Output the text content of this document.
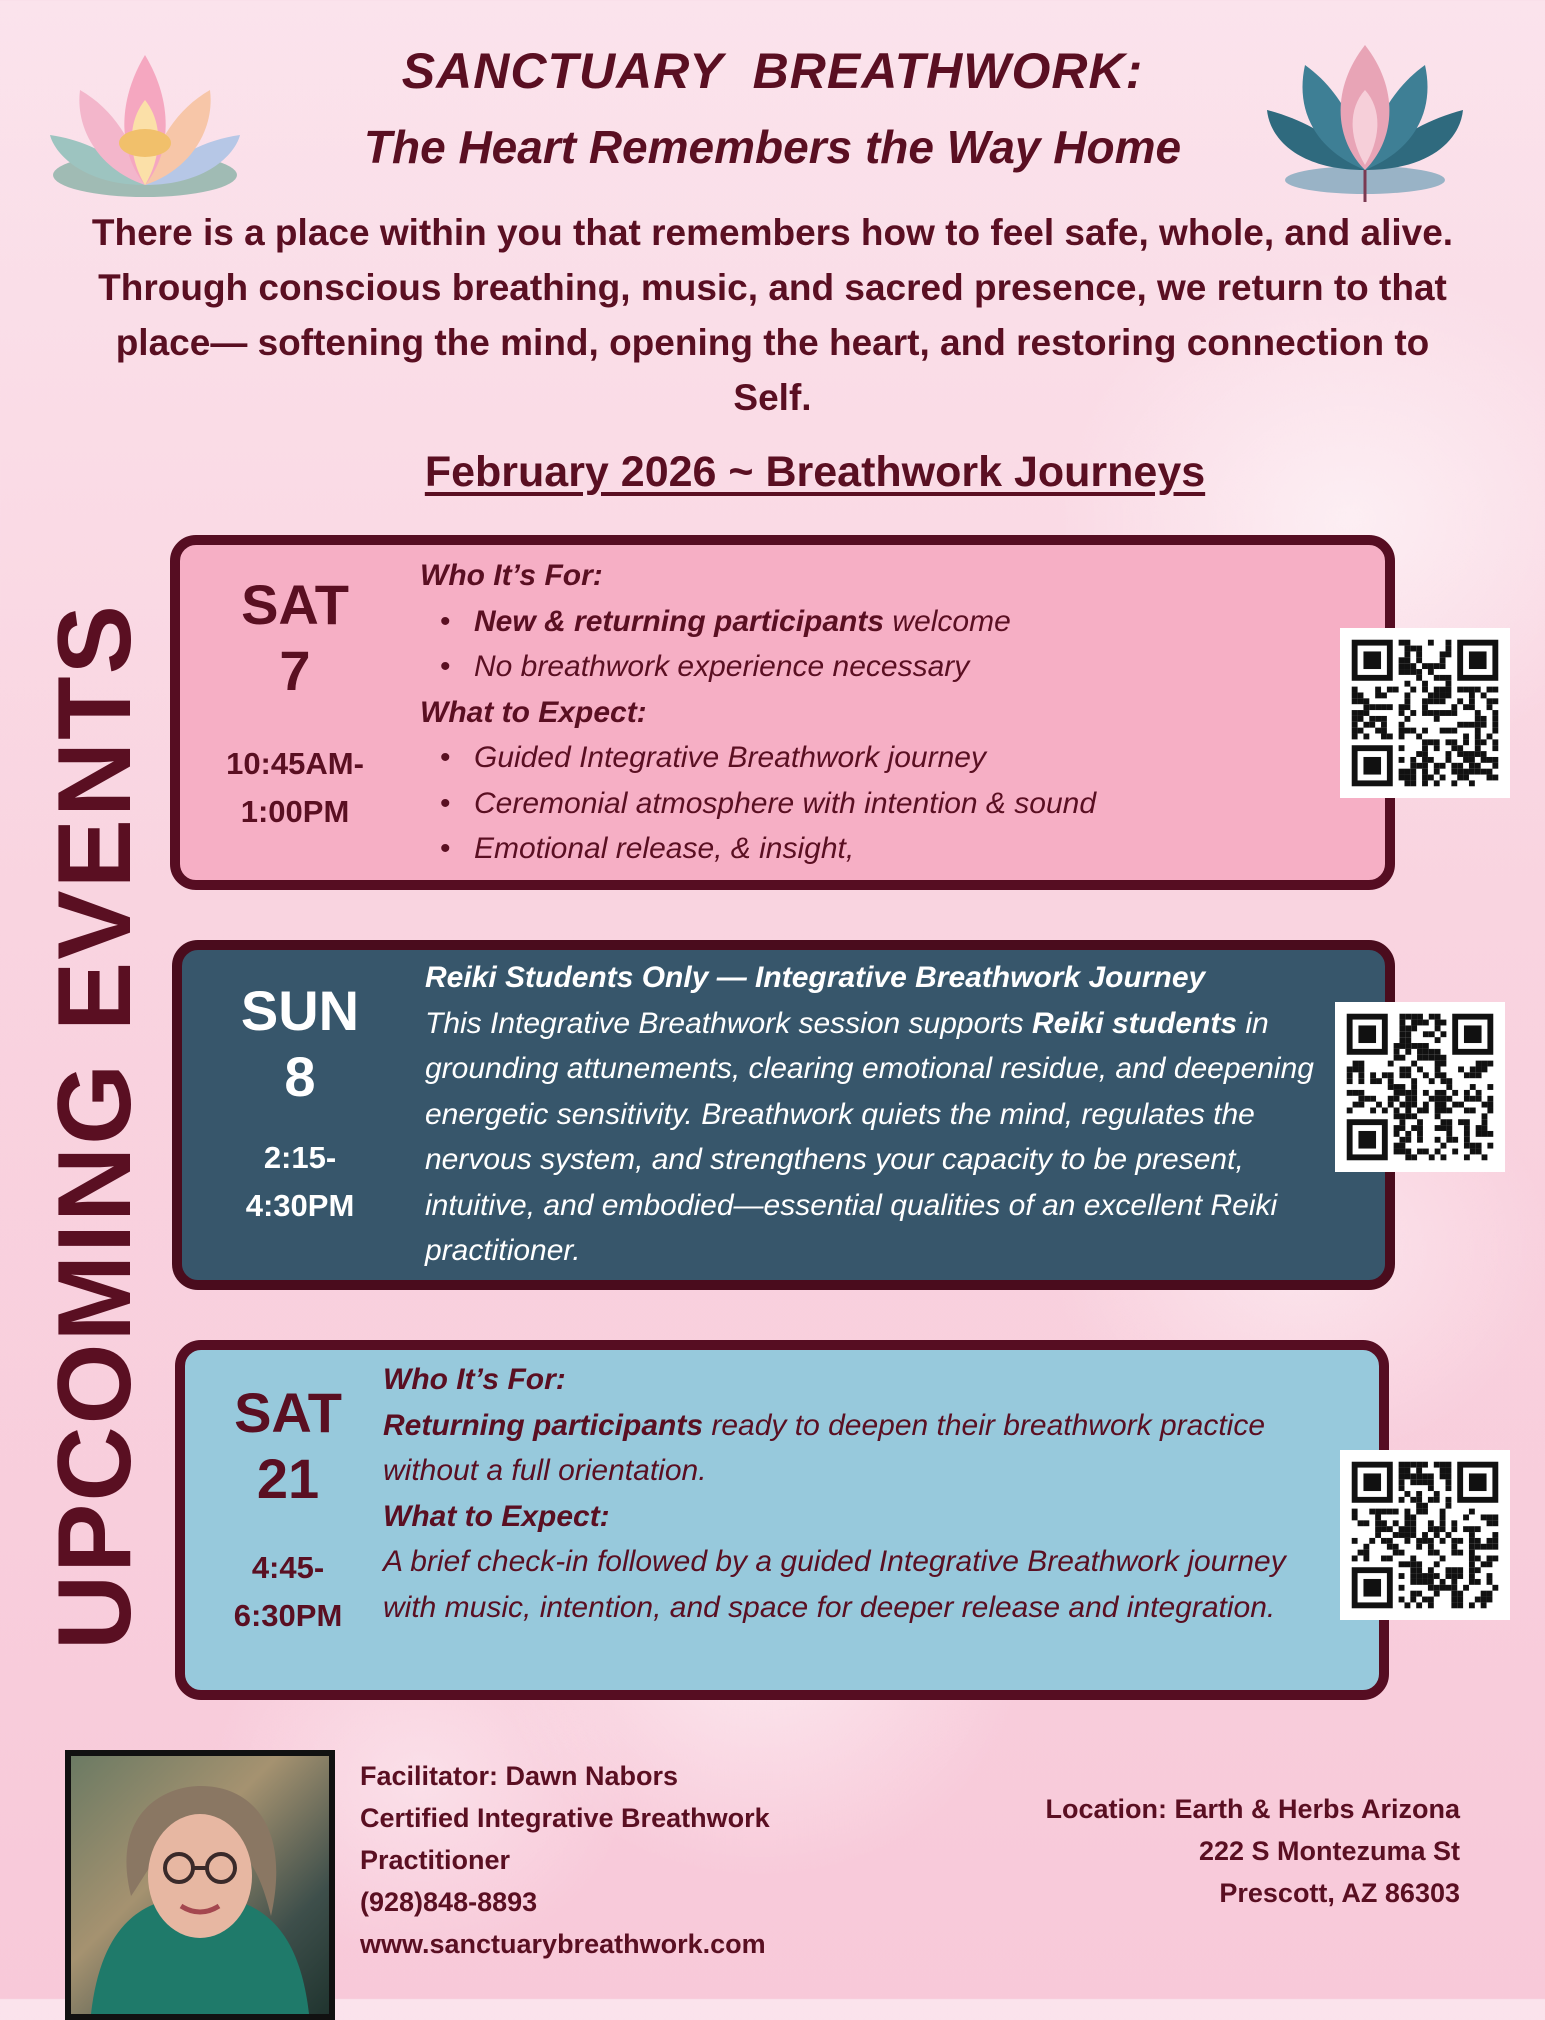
SANCTUARY  BREATHWORK:
The Heart Remembers the Way Home
There is a place within you that remembers how to feel safe, whole, and alive. Through conscious breathing, music, and sacred presence, we return to that place— softening the mind, opening the heart, and restoring connection to Self.
February 2026 ~ Breathwork Journeys
UPCOMING EVENTS	SAT
7
10:45AM-
1:00PM
Who It’s For:
• New & returning participants welcome
• No breathwork experience necessary
What to Expect:
• Guided Integrative Breathwork journey
• Ceremonial atmosphere with intention & sound
• Emotional release, & insight,
SUN
8
2:15-
4:30PM
Reiki Students Only — Integrative Breathwork Journey
This Integrative Breathwork session supports Reiki students in grounding attunements, clearing emotional residue, and deepening energetic sensitivity. Breathwork quiets the mind, regulates the nervous system, and strengthens your capacity to be present, intuitive, and embodied—essential qualities of an excellent Reiki practitioner.
SAT
21
4:45-
6:30PM
Who It’s For:
Returning participants ready to deepen their breathwork practice without a full orientation.
What to Expect:
A brief check-in followed by a guided Integrative Breathwork journey with music, intention, and space for deeper release and integration.
Facilitator: Dawn Nabors
Certified Integrative Breathwork
Practitioner
(928)848-8893
www.sanctuarybreathwork.com
Location: Earth & Herbs Arizona
222 S Montezuma St
Prescott, AZ 86303
